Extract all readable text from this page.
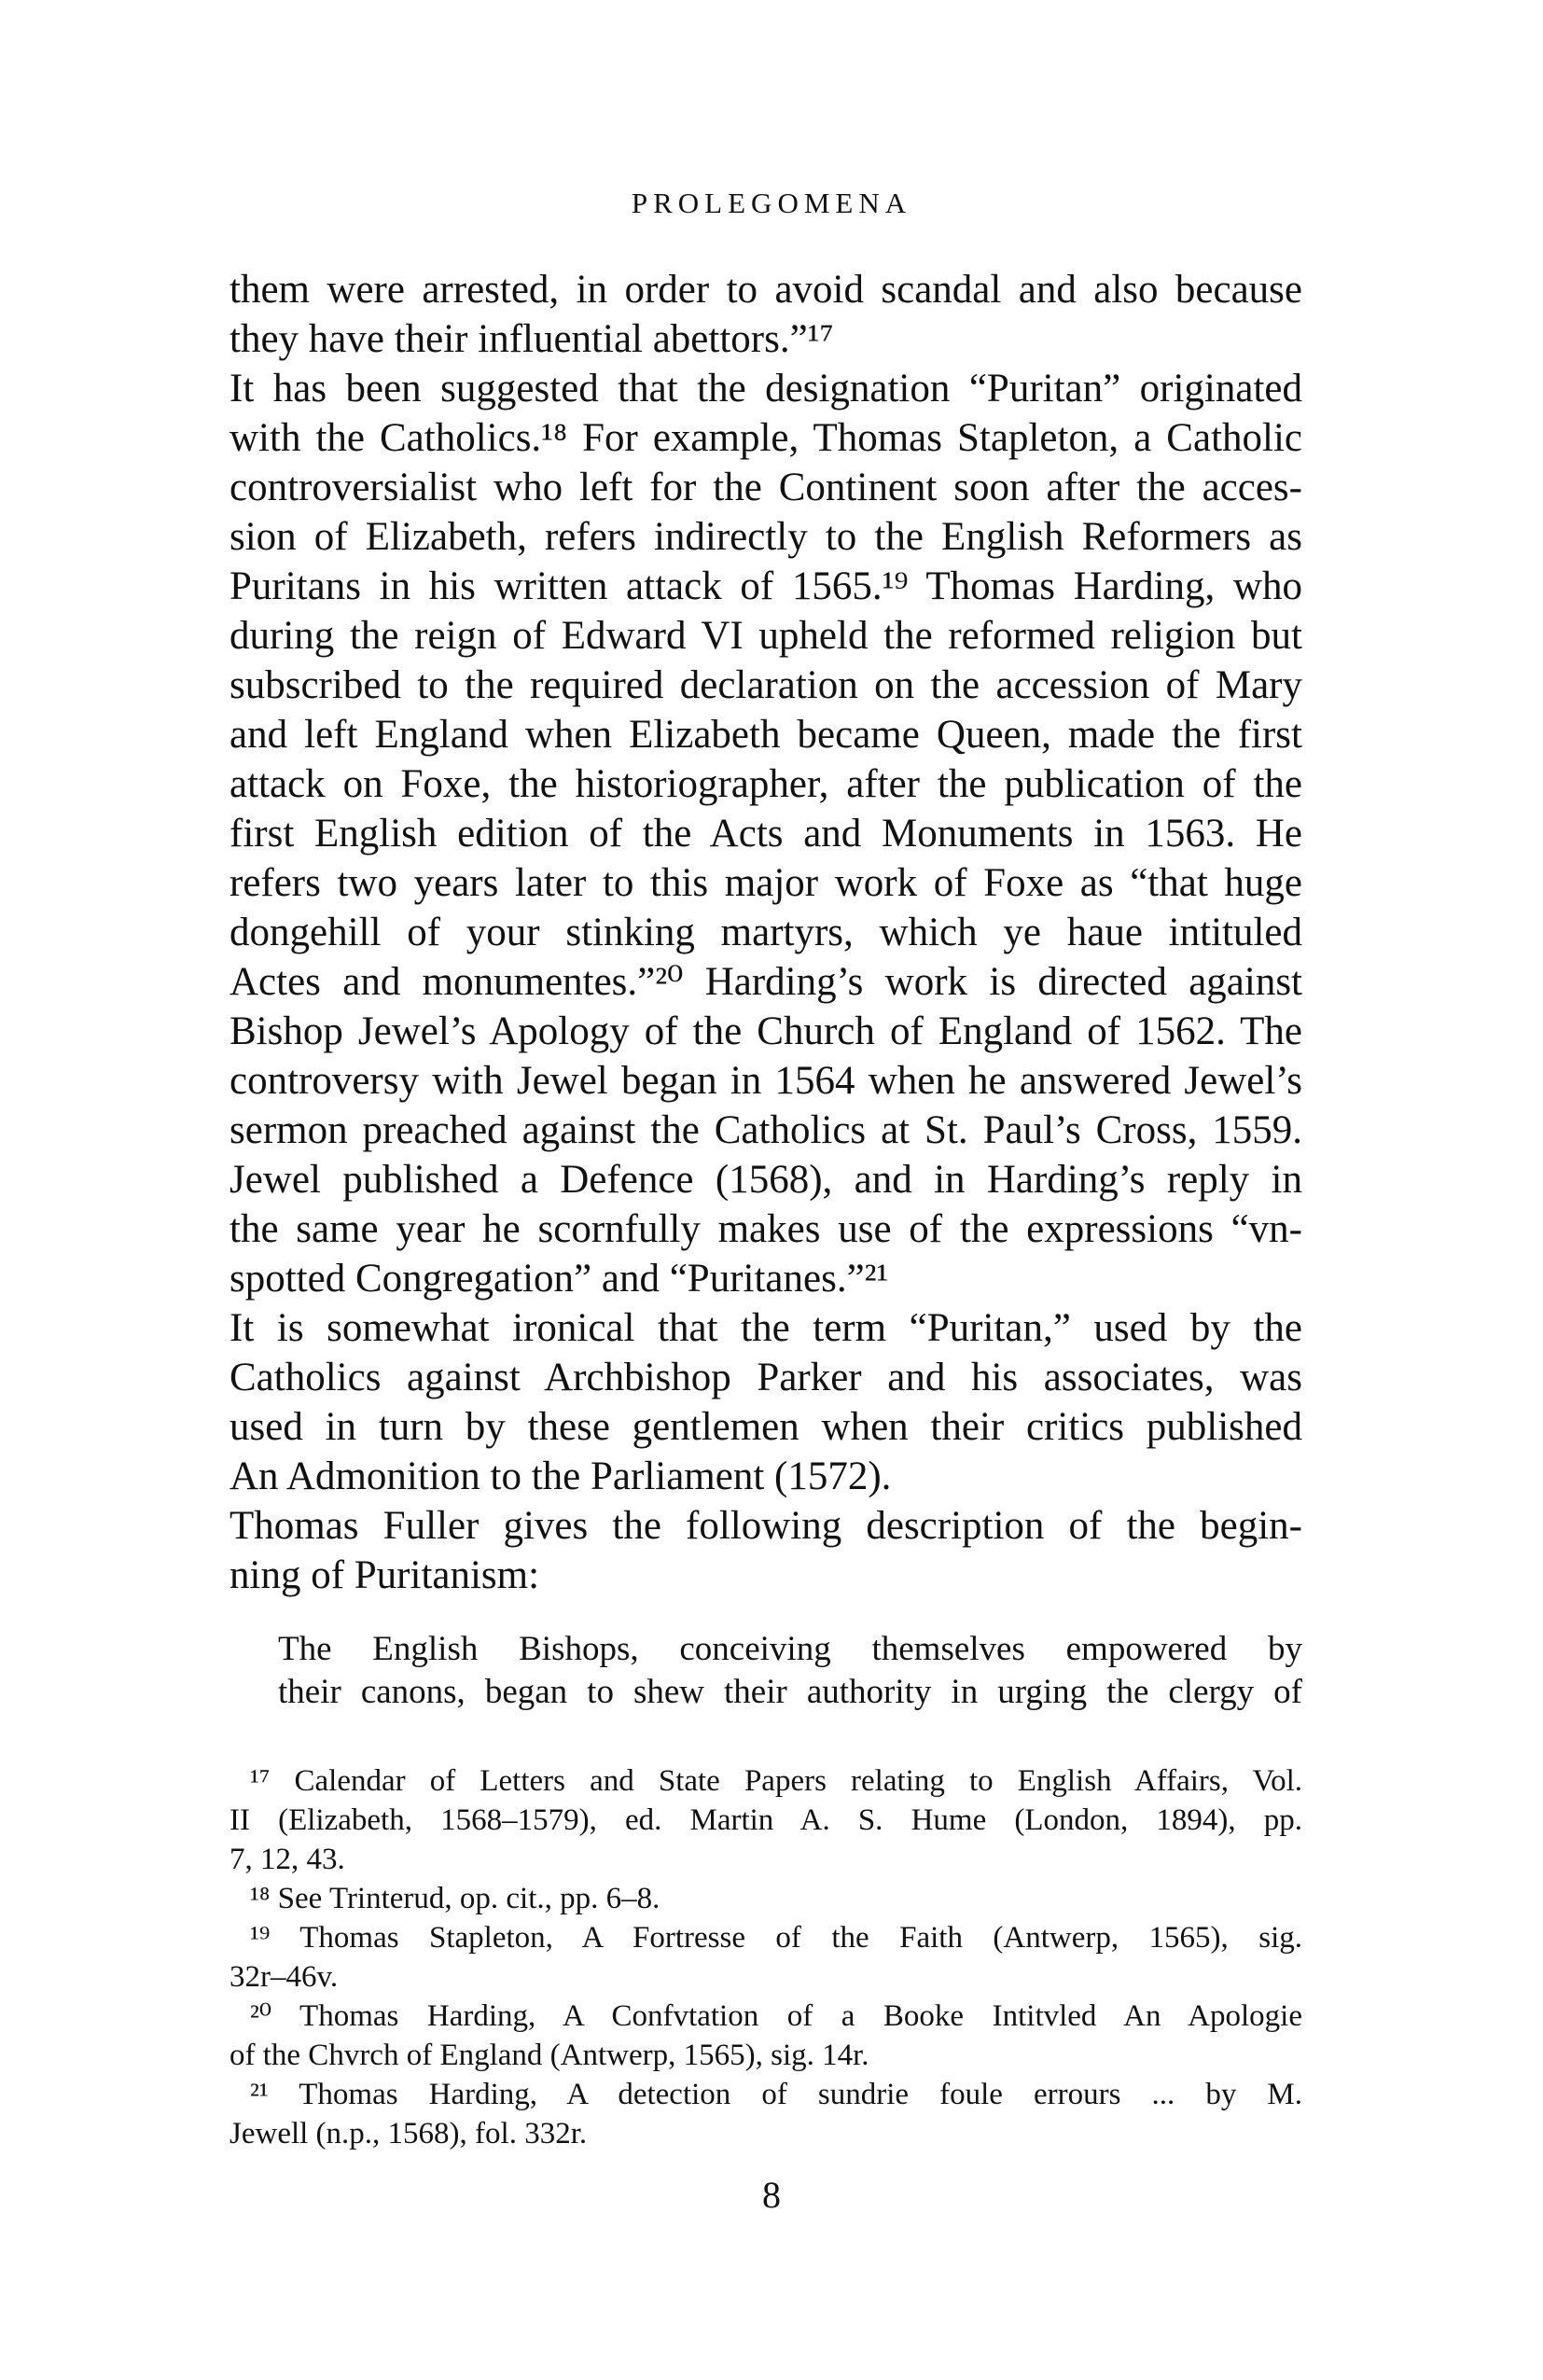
PROLEGOMENA
them were arrested, in order to avoid scandal and also because
they have their influential abettors.”¹⁷
It has been suggested that the designation “Puritan” originated
with the Catholics.¹⁸ For example, Thomas Stapleton, a Catholic
controversialist who left for the Continent soon after the acces-
sion of Elizabeth, refers indirectly to the English Reformers as
Puritans in his written attack of 1565.¹⁹ Thomas Harding, who
during the reign of Edward VI upheld the reformed religion but
subscribed to the required declaration on the accession of Mary
and left England when Elizabeth became Queen, made the first
attack on Foxe, the historiographer, after the publication of the
first English edition of the Acts and Monuments in 1563. He
refers two years later to this major work of Foxe as “that huge
dongehill of your stinking martyrs, which ye haue intituled
Actes and monumentes.”²⁰ Harding’s work is directed against
Bishop Jewel’s Apology of the Church of England of 1562. The
controversy with Jewel began in 1564 when he answered Jewel’s
sermon preached against the Catholics at St. Paul’s Cross, 1559.
Jewel published a Defence (1568), and in Harding’s reply in
the same year he scornfully makes use of the expressions “vn-
spotted Congregation” and “Puritanes.”²¹
It is somewhat ironical that the term “Puritan,” used by the
Catholics against Archbishop Parker and his associates, was
used in turn by these gentlemen when their critics published
An Admonition to the Parliament (1572).
Thomas Fuller gives the following description of the begin-
ning of Puritanism:
The English Bishops, conceiving themselves empowered by
their canons, began to shew their authority in urging the clergy of
¹⁷ Calendar of Letters and State Papers relating to English Affairs, Vol.
II (Elizabeth, 1568–1579), ed. Martin A. S. Hume (London, 1894), pp.
7, 12, 43.
¹⁸ See Trinterud, op. cit., pp. 6–8.
¹⁹ Thomas Stapleton, A Fortresse of the Faith (Antwerp, 1565), sig.
32r–46v.
²⁰ Thomas Harding, A Confvtation of a Booke Intitvled An Apologie
of the Chvrch of England (Antwerp, 1565), sig. 14r.
²¹ Thomas Harding, A detection of sundrie foule errours ... by M.
Jewell (n.p., 1568), fol. 332r.
8
